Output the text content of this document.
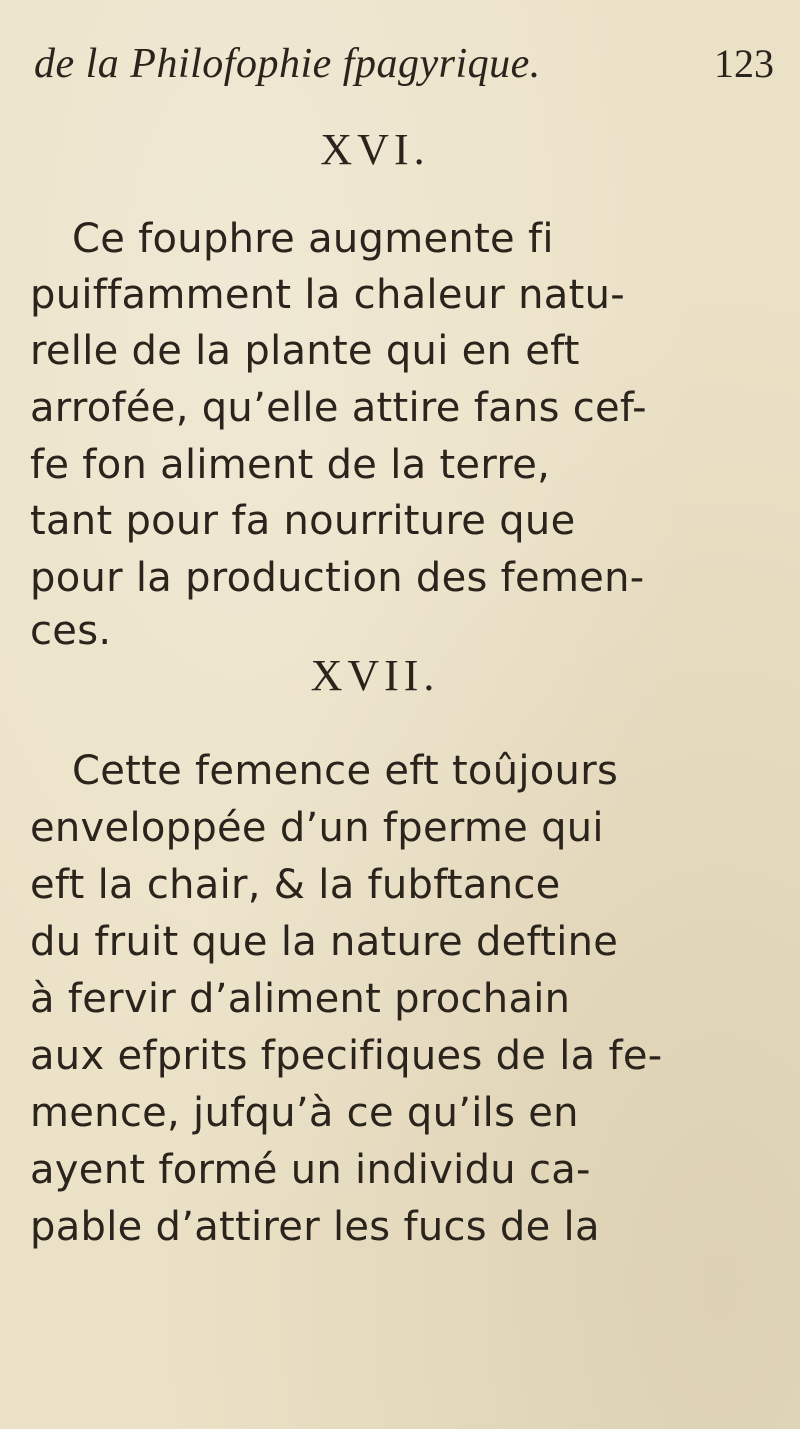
de la Philofophie fpagyrique.	123
XVI.
Ce fouphre augmente fi
puiffamment la chaleur natu-
relle de la plante qui en eft
arrofée, qu’elle attire fans cef-
fe fon aliment de la terre,
tant pour fa nourriture que
pour la production des femen-
ces.
XVII.
Cette femence eft toûjours
enveloppée d’un fperme qui
eft la chair, & la fubftance
du fruit que la nature deftine
à fervir d’aliment prochain
aux efprits fpecifiques de la fe-
mence, jufqu’à ce qu’ils en
ayent formé un individu ca-
pable d’attirer les fucs de la
